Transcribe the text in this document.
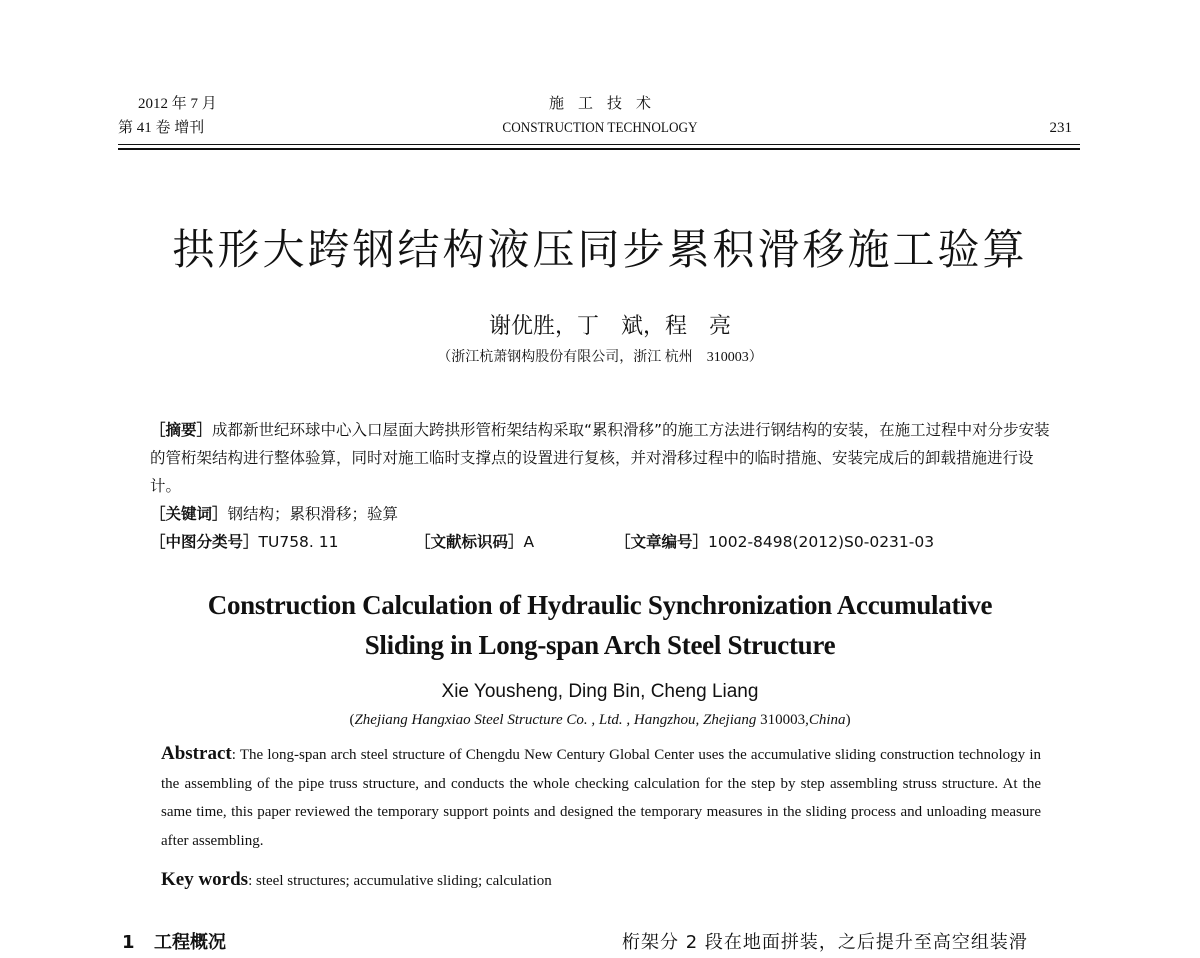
2012 年 7 月
第 41 卷 增刊
施工技术
CONSTRUCTION TECHNOLOGY	231
拱形大跨钢结构液压同步累积滑移施工验算
谢优胜，丁　斌，程　亮
（浙江杭萧钢构股份有限公司，浙江 杭州　310003）

［摘要］成都新世纪环球中心入口屋面大跨拱形管桁架结构采取“累积滑移”的施工方法进行钢结构的安装，在施工过程中对分步安装的管桁架结构进行整体验算，同时对施工临时支撑点的设置进行复核，并对滑移过程中的临时措施、安装完成后的卸载措施进行设计。

［关键词］钢结构；累积滑移；验算

［中图分类号］TU758. 11	［文献标识码］A	［文章编号］1002-8498(2012)S0-0231-03
Construction Calculation of Hydraulic Synchronization Accumulative
Sliding in Long-span Arch Steel Structure
Xie Yousheng, Ding Bin, Cheng Liang
(Zhejiang Hangxiao Steel Structure Co. , Ltd. , Hangzhou, Zhejiang 310003,China)
Abstract: The long-span arch steel structure of Chengdu New Century Global Center uses the accumulative sliding construction technology in the assembling of the pipe truss structure, and conducts the whole checking calculation for the step by step assembling struss structure. At the same time, this paper reviewed the temporary support points and designed the temporary measures in the sliding process and unloading measure after assembling.
Key words: steel structures; accumulative sliding; calculation
1 工程概况	桁架分 2 段在地面拼装，之后提升至高空组装滑
